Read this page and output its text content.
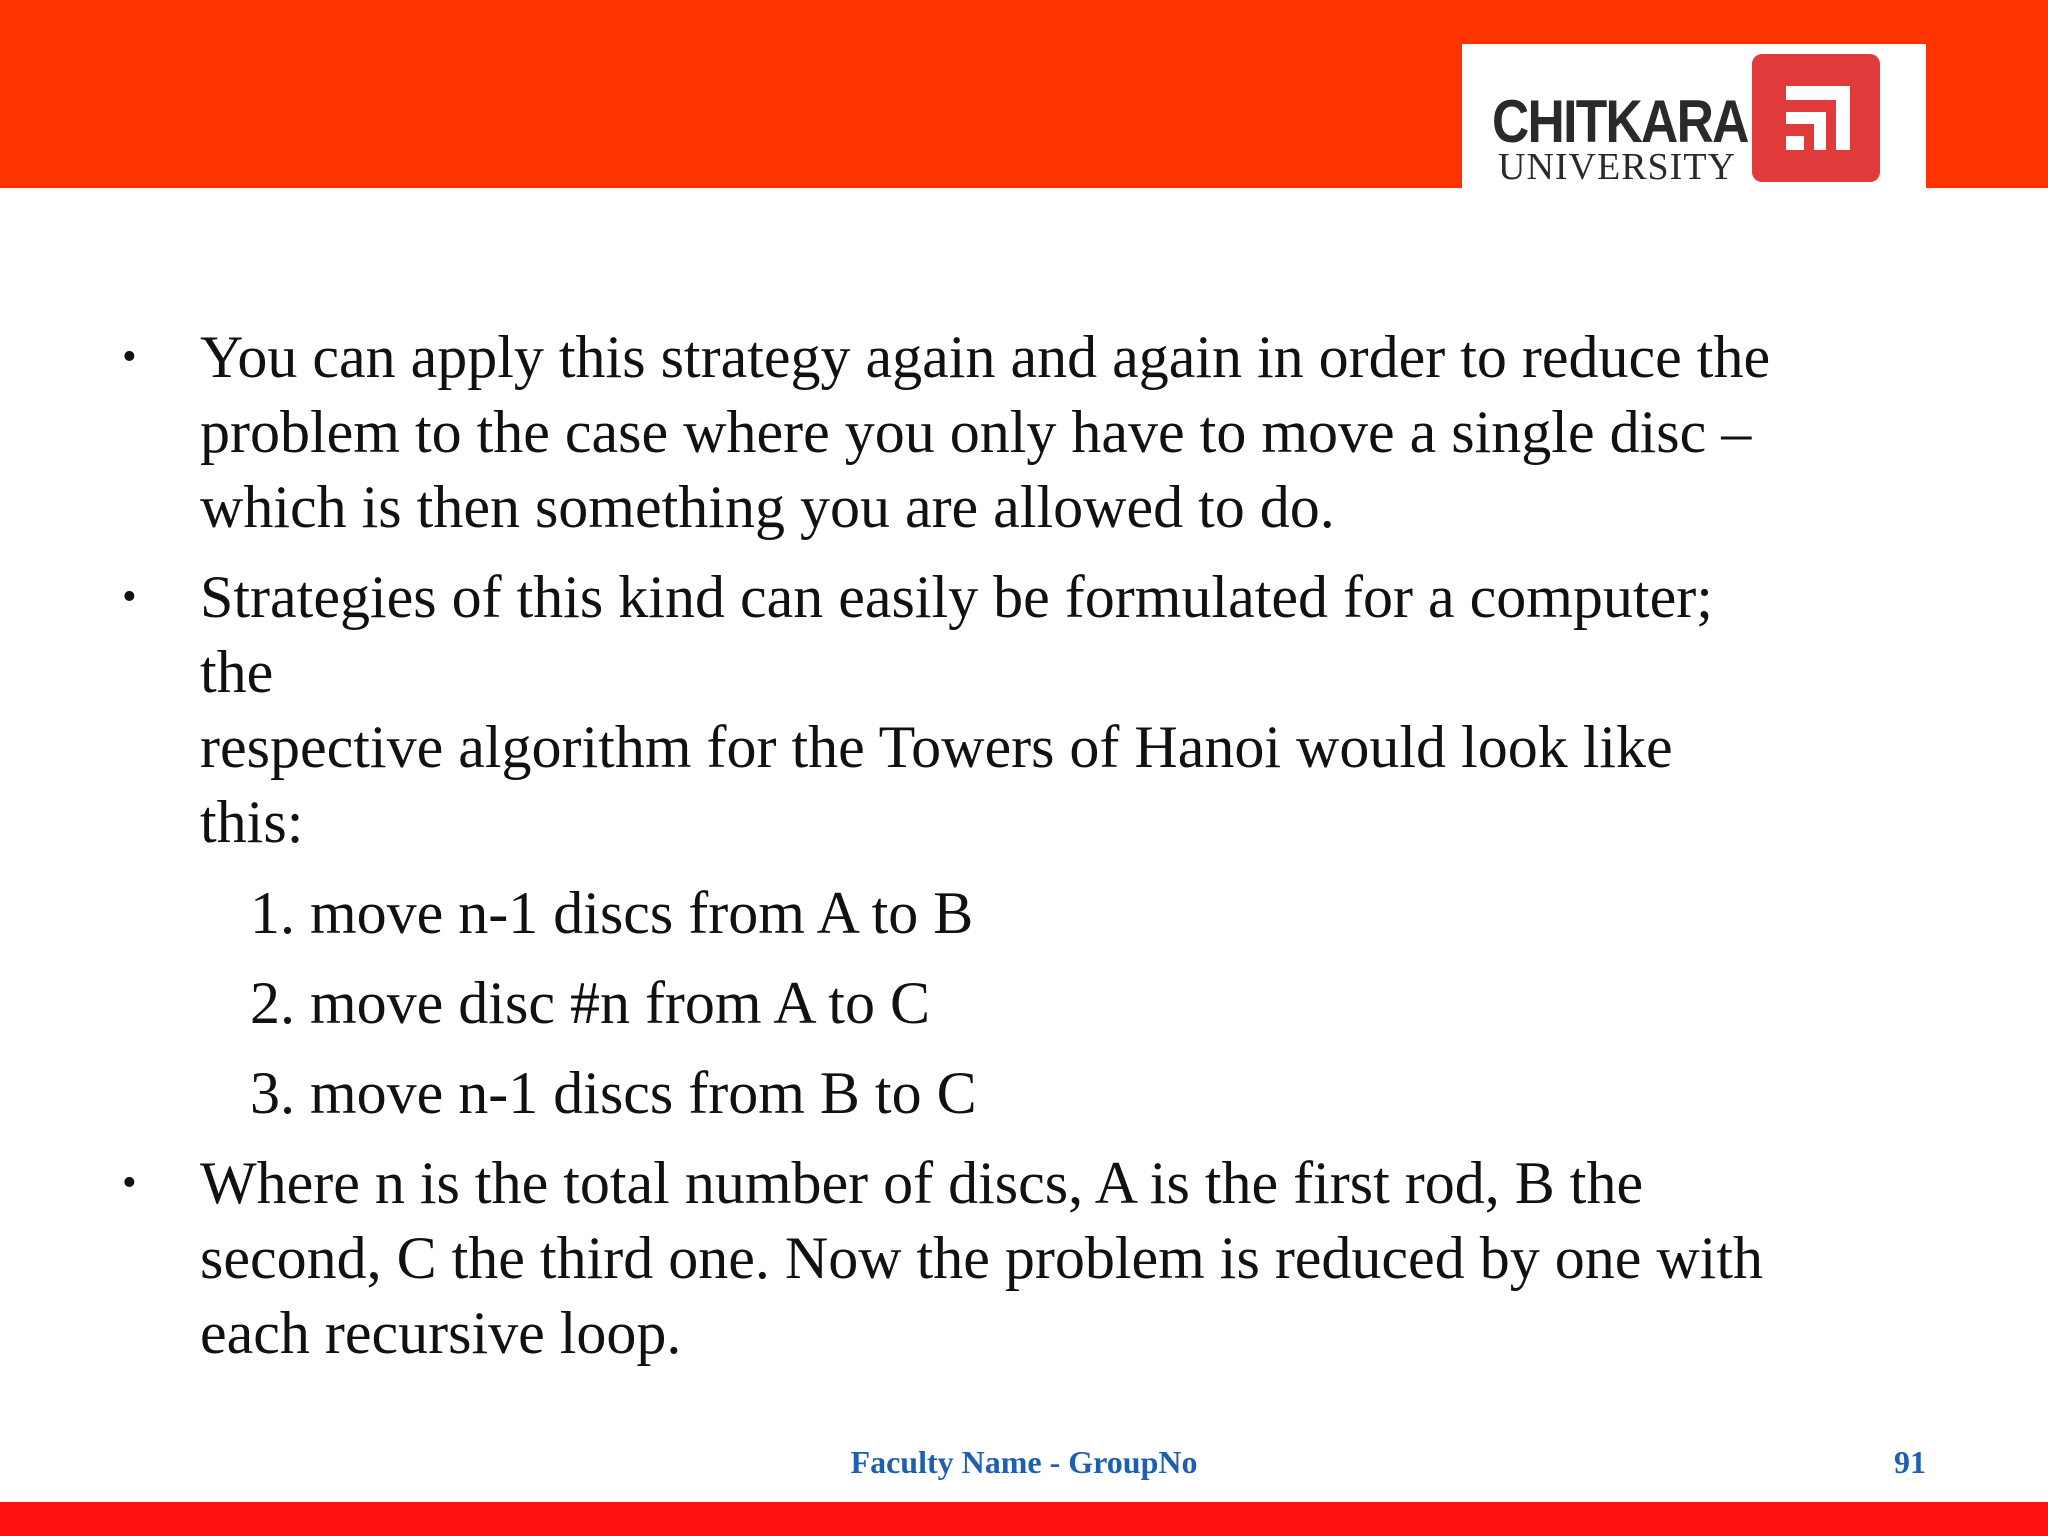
CHITKARA
UNIVERSITY
• You can apply this strategy again and again in order to reduce the
problem to the case where you only have to move a single disc –
which is then something you are allowed to do.
• Strategies of this kind can easily be formulated for a computer;
the
respective algorithm for the Towers of Hanoi would look like
this:
1. move n-1 discs from A to B
2. move disc #n from A to C
3. move n-1 discs from B to C
• Where n is the total number of discs, A is the first rod, B the
second, C the third one. Now the problem is reduced by one with
each recursive loop.
Faculty Name - GroupNo	91
